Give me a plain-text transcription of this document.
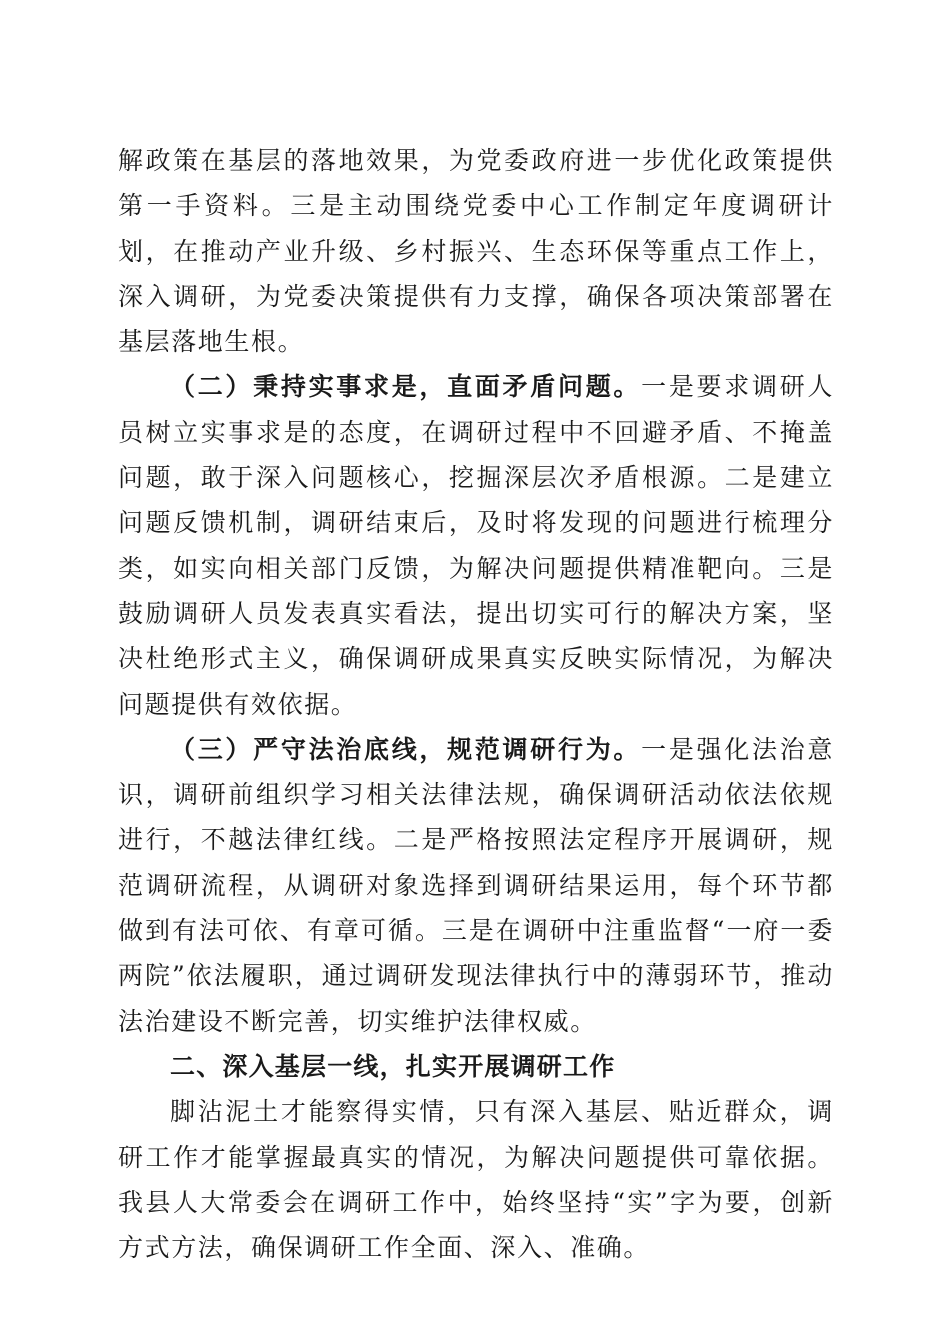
解政策在基层的落地效果，为党委政府进一步优化政策提供第一手资料。三是主动围绕党委中心工作制定年度调研计划，在推动产业升级、乡村振兴、生态环保等重点工作上，深入调研，为党委决策提供有力支撑，确保各项决策部署在基层落地生根。

（二）秉持实事求是，直面矛盾问题。一是要求调研人员树立实事求是的态度，在调研过程中不回避矛盾、不掩盖问题，敢于深入问题核心，挖掘深层次矛盾根源。二是建立问题反馈机制，调研结束后，及时将发现的问题进行梳理分类，如实向相关部门反馈，为解决问题提供精准靶向。三是鼓励调研人员发表真实看法，提出切实可行的解决方案，坚决杜绝形式主义，确保调研成果真实反映实际情况，为解决问题提供有效依据。

（三）严守法治底线，规范调研行为。一是强化法治意识，调研前组织学习相关法律法规，确保调研活动依法依规进行，不越法律红线。二是严格按照法定程序开展调研，规范调研流程，从调研对象选择到调研结果运用，每个环节都做到有法可依、有章可循。三是在调研中注重监督“一府一委两院”依法履职，通过调研发现法律执行中的薄弱环节，推动法治建设不断完善，切实维护法律权威。

二、深入基层一线，扎实开展调研工作

脚沾泥土才能察得实情，只有深入基层、贴近群众，调研工作才能掌握最真实的情况，为解决问题提供可靠依据。我县人大常委会在调研工作中，始终坚持“实”字为要，创新方式方法，确保调研工作全面、深入、准确。
